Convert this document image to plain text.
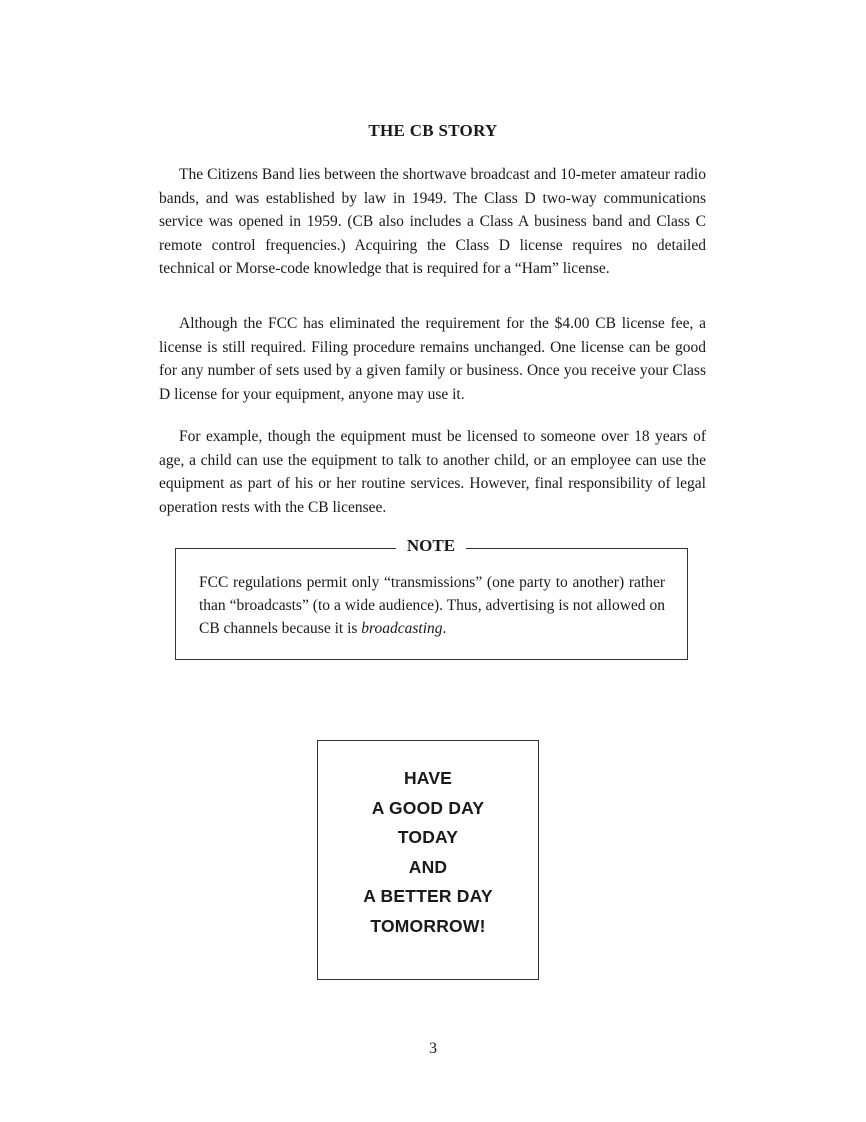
THE CB STORY

The Citizens Band lies between the shortwave broadcast and 10-meter amateur radio bands, and was established by law in 1949. The Class D two-way communications service was opened in 1959. (CB also includes a Class A business band and Class C remote control frequencies.) Acquiring the Class D license requires no detailed technical or Morse-code knowledge that is required for a “Ham” license.

Although the FCC has eliminated the requirement for the $4.00 CB license fee, a license is still required. Filing procedure remains unchanged. One license can be good for any number of sets used by a given family or business. Once you receive your Class D license for your equipment, anyone may use it.

For example, though the equipment must be licensed to someone over 18 years of age, a child can use the equipment to talk to another child, or an employee can use the equipment as part of his or her routine services. However, final responsibility of legal operation rests with the CB licensee.

NOTE

FCC regulations permit only “transmissions” (one party to another) rather than “broadcasts” (to a wide audience). Thus, advertising is not allowed on CB channels because it is broadcasting.

HAVE
A GOOD DAY
TODAY
AND
A BETTER DAY
TOMORROW!
3
